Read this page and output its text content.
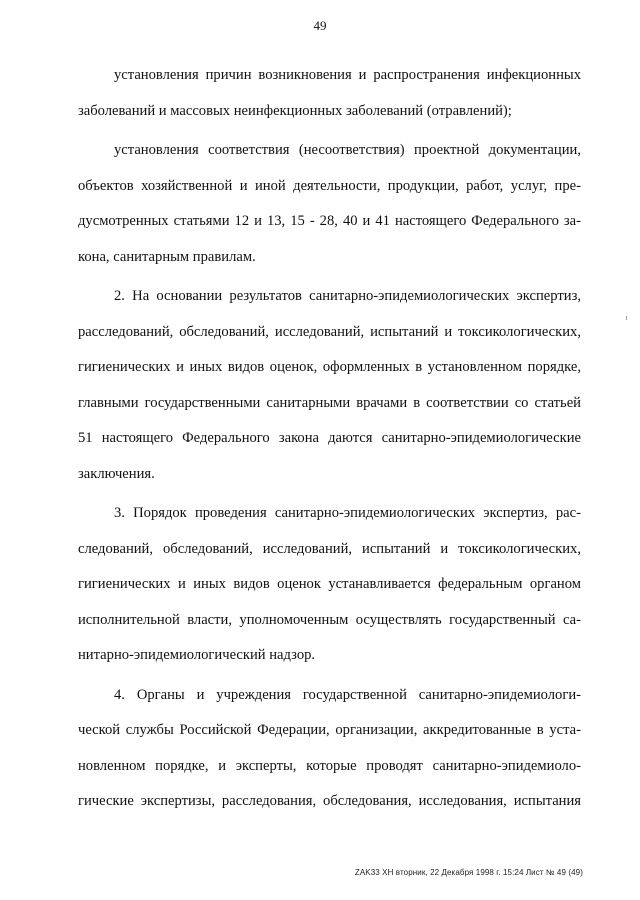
49

установления причин возникновения и распространения инфекционных
заболеваний и массовых неинфекционных заболеваний (отравлений);

установления соответствия (несоответствия) проектной документации,
объектов хозяйственной и иной деятельности, продукции, работ, услуг, пре-
дусмотренных статьями 12 и 13, 15 - 28, 40 и 41 настоящего Федерального за-
кона, санитарным правилам.

2. На основании результатов санитарно-эпидемиологических экспертиз,
расследований, обследований, исследований, испытаний и токсикологических,
гигиенических и иных видов оценок, оформленных в установленном порядке,
главными государственными санитарными врачами в соответствии со статьей
51 настоящего Федерального закона даются санитарно-эпидемиологические
заключения.

3. Порядок проведения санитарно-эпидемиологических экспертиз, рас-
следований, обследований, исследований, испытаний и токсикологических,
гигиенических и иных видов оценок устанавливается федеральным органом
исполнительной власти, уполномоченным осуществлять государственный са-
нитарно-эпидемиологический надзор.

4. Органы и учреждения государственной санитарно-эпидемиологи-
ческой службы Российской Федерации, организации, аккредитованные в уста-
новленном порядке, и эксперты, которые проводят санитарно-эпидемиоло-
гические экспертизы, расследования, обследования, исследования, испытания

ZAK33 XH вторник, 22 Декабря 1998 г. 15:24 Лист № 49 (49)
